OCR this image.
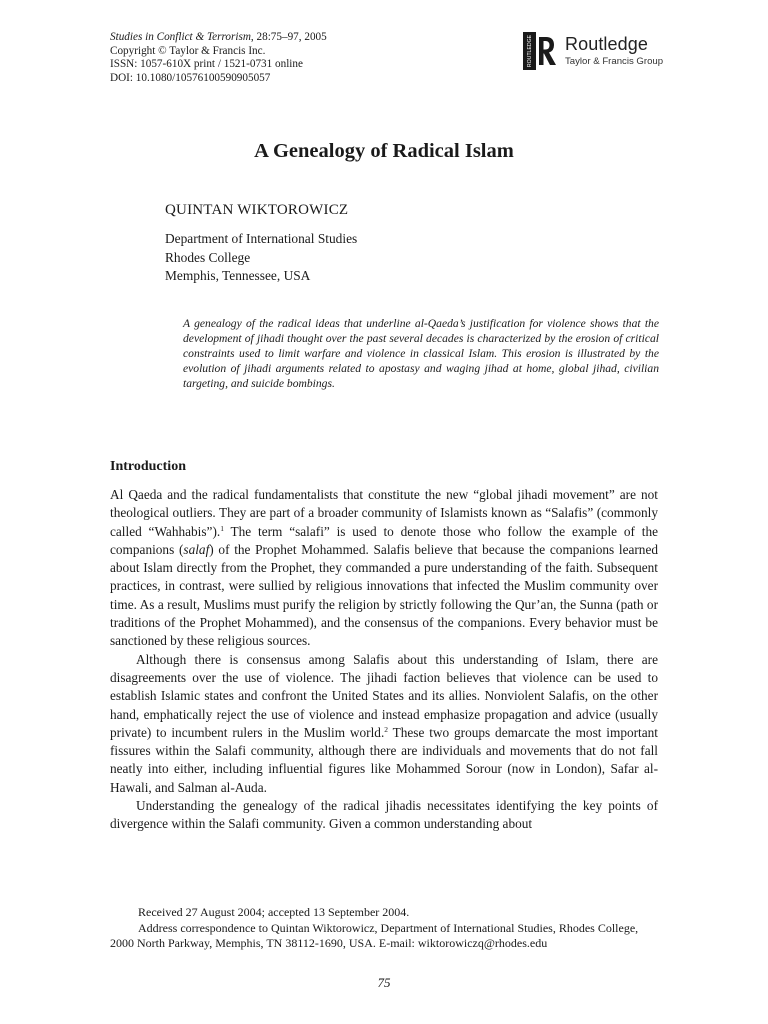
Studies in Conflict & Terrorism, 28:75–97, 2005
Copyright © Taylor & Francis Inc.
ISSN: 1057-610X print / 1521-0731 online
DOI: 10.1080/10576100590905057
ROUTLEDGE Routledge
Taylor & Francis Group
A Genealogy of Radical Islam
QUINTAN WIKTOROWICZ
Department of International Studies
Rhodes College
Memphis, Tennessee, USA
A genealogy of the radical ideas that underline al-Qaeda’s justification for violence shows that the development of jihadi thought over the past several decades is characterized by the erosion of critical constraints used to limit warfare and violence in classical Islam. This erosion is illustrated by the evolution of jihadi arguments related to apostasy and waging jihad at home, global jihad, civilian targeting, and suicide bombings.
Introduction

Al Qaeda and the radical fundamentalists that constitute the new “global jihadi movement” are not theological outliers. They are part of a broader community of Islamists known as “Salafis” (commonly called “Wahhabis”).$^1$ The term “salafi” is used to denote those who follow the example of the companions (salaf) of the Prophet Mohammed. Salafis believe that because the companions learned about Islam directly from the Prophet, they commanded a pure understanding of the faith. Subsequent practices, in contrast, were sullied by religious innovations that infected the Muslim community over time. As a result, Muslims must purify the religion by strictly following the Qur’an, the Sunna (path or traditions of the Prophet Mohammed), and the consensus of the companions. Every behavior must be sanctioned by these religious sources.

Although there is consensus among Salafis about this understanding of Islam, there are disagreements over the use of violence. The jihadi faction believes that violence can be used to establish Islamic states and confront the United States and its allies. Nonviolent Salafis, on the other hand, emphatically reject the use of violence and instead emphasize propagation and advice (usually private) to incumbent rulers in the Muslim world.$^2$ These two groups demarcate the most important fissures within the Salafi community, although there are individuals and movements that do not fall neatly into either, including influential figures like Mohammed Sorour (now in London), Safar al-Hawali, and Salman al-Auda.

Understanding the genealogy of the radical jihadis necessitates identifying the key points of divergence within the Salafi community. Given a common understanding about

Received 27 August 2004; accepted 13 September 2004.

Address correspondence to Quintan Wiktorowicz, Department of International Studies, Rhodes College, 2000 North Parkway, Memphis, TN 38112-1690, USA. E-mail: wiktorowiczq@rhodes.edu

75
